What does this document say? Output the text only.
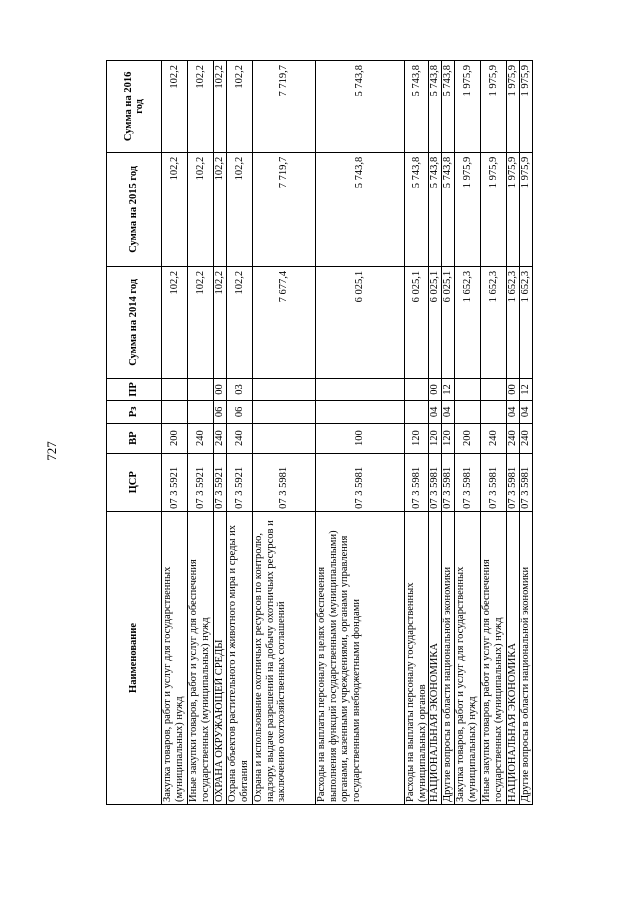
727
Наименование	ЦСР	ВР	Рз	ПР	Сумма на 2014 год	Сумма на 2015 год	Сумма на 2016 год
Закупка товаров, работ и услуг для государственных (муниципальных) нужд	07 3 5921	200			102,2	102,2	102,2
Иные закупки товаров, работ и услуг для обеспечения государственных (муниципальных) нужд	07 3 5921	240			102,2	102,2	102,2
ОХРАНА ОКРУЖАЮЩЕЙ СРЕДЫ	07 3 5921	240	06	00	102,2	102,2	102,2
Охрана объектов растительного и животного мира и среды их обитания	07 3 5921	240	06	03	102,2	102,2	102,2
Охрана и использование охотничьих ресурсов по контролю, надзору, выдаче разрешений на добычу охотничьих ресурсов и заключению охотхозяйственных соглашений	07 3 5981				7 677,4	7 719,7	7 719,7
Расходы на выплаты персоналу в целях обеспечения выполнения функций государственными (муниципальными) органами, казенными учреждениями, органами управления государственными внебюджетными фондами	07 3 5981	100			6 025,1	5 743,8	5 743,8
Расходы на выплаты персоналу государственных (муниципальных) органов	07 3 5981	120			6 025,1	5 743,8	5 743,8
НАЦИОНАЛЬНАЯ ЭКОНОМИКА	07 3 5981	120	04	00	6 025,1	5 743,8	5 743,8
Другие вопросы в области национальной экономики	07 3 5981	120	04	12	6 025,1	5 743,8	5 743,8
Закупка товаров, работ и услуг для государственных (муниципальных) нужд	07 3 5981	200			1 652,3	1 975,9	1 975,9
Иные закупки товаров, работ и услуг для обеспечения государственных (муниципальных) нужд	07 3 5981	240			1 652,3	1 975,9	1 975,9
НАЦИОНАЛЬНАЯ ЭКОНОМИКА	07 3 5981	240	04	00	1 652,3	1 975,9	1 975,9
Другие вопросы в области национальной экономики	07 3 5981	240	04	12	1 652,3	1 975,9	1 975,9
